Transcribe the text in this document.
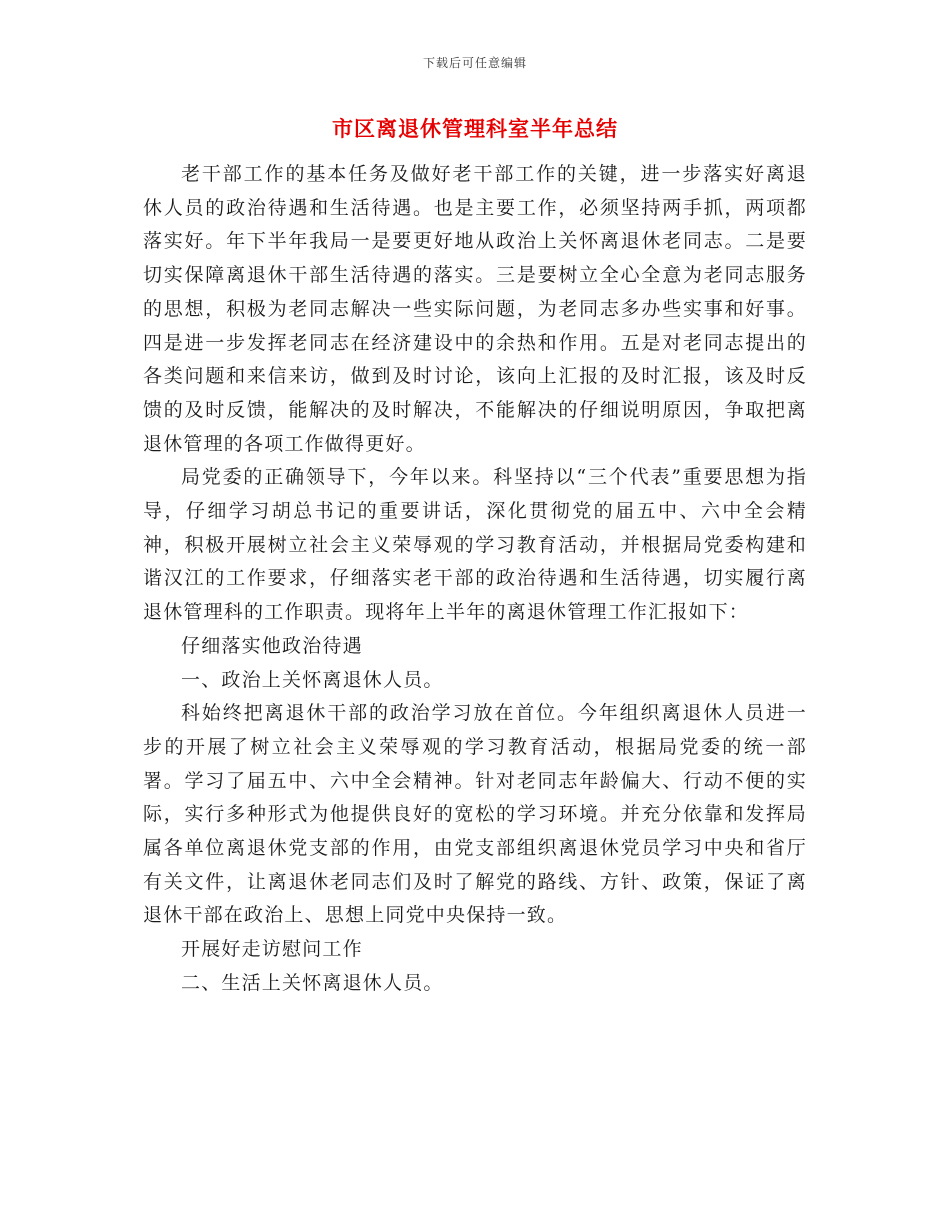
下载后可任意编辑
市区离退休管理科室半年总结

老干部工作的基本任务及做好老干部工作的关键，进一步落实好离退休人员的政治待遇和生活待遇。也是主要工作，必须坚持两手抓，两项都落实好。年下半年我局一是要更好地从政治上关怀离退休老同志。二是要切实保障离退休干部生活待遇的落实。三是要树立全心全意为老同志服务的思想，积极为老同志解决一些实际问题，为老同志多办些实事和好事。四是进一步发挥老同志在经济建设中的余热和作用。五是对老同志提出的各类问题和来信来访，做到及时讨论，该向上汇报的及时汇报，该及时反馈的及时反馈，能解决的及时解决，不能解决的仔细说明原因，争取把离退休管理的各项工作做得更好。

局党委的正确领导下，今年以来。科坚持以“三个代表”重要思想为指导，仔细学习胡总书记的重要讲话，深化贯彻党的届五中、六中全会精神，积极开展树立社会主义荣辱观的学习教育活动，并根据局党委构建和谐汉江的工作要求，仔细落实老干部的政治待遇和生活待遇，切实履行离退休管理科的工作职责。现将年上半年的离退休管理工作汇报如下：

仔细落实他政治待遇

一、政治上关怀离退休人员。

科始终把离退休干部的政治学习放在首位。今年组织离退休人员进一步的开展了树立社会主义荣辱观的学习教育活动，根据局党委的统一部署。学习了届五中、六中全会精神。针对老同志年龄偏大、行动不便的实际，实行多种形式为他提供良好的宽松的学习环境。并充分依靠和发挥局属各单位离退休党支部的作用，由党支部组织离退休党员学习中央和省厅有关文件，让离退休老同志们及时了解党的路线、方针、政策，保证了离退休干部在政治上、思想上同党中央保持一致。

开展好走访慰问工作

二、生活上关怀离退休人员。
